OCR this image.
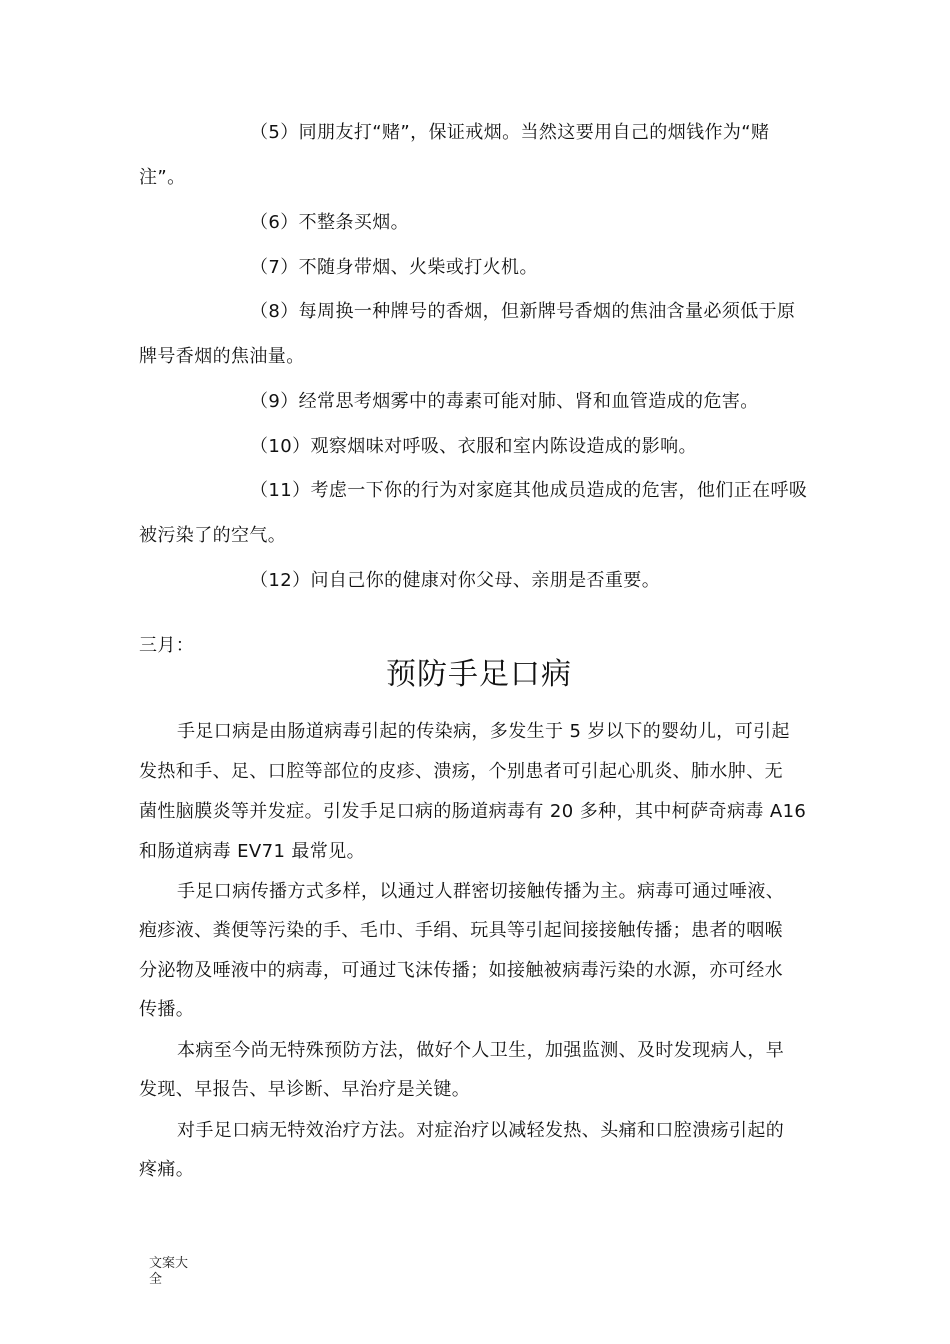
（5）同朋友打“赌”，保证戒烟。当然这要用自己的烟钱作为“赌
注”。
（6）不整条买烟。
（7）不随身带烟、火柴或打火机。
（8）每周换一种牌号的香烟，但新牌号香烟的焦油含量必须低于原
牌号香烟的焦油量。
（9）经常思考烟雾中的毒素可能对肺、肾和血管造成的危害。
（10）观察烟味对呼吸、衣服和室内陈设造成的影响。
（11）考虑一下你的行为对家庭其他成员造成的危害，他们正在呼吸
被污染了的空气。
（12）问自己你的健康对你父母、亲朋是否重要。
三月：
预防手足口病
手足口病是由肠道病毒引起的传染病，多发生于 5 岁以下的婴幼儿，可引起
发热和手、足、口腔等部位的皮疹、溃疡，个别患者可引起心肌炎、肺水肿、无
菌性脑膜炎等并发症。引发手足口病的肠道病毒有 20 多种，其中柯萨奇病毒 A16
和肠道病毒 EV71 最常见。
手足口病传播方式多样，以通过人群密切接触传播为主。病毒可通过唾液、
疱疹液、粪便等污染的手、毛巾、手绢、玩具等引起间接接触传播；患者的咽喉
分泌物及唾液中的病毒，可通过飞沫传播；如接触被病毒污染的水源，亦可经水
传播。
本病至今尚无特殊预防方法，做好个人卫生，加强监测、及时发现病人，早
发现、早报告、早诊断、早治疗是关键。
对手足口病无特效治疗方法。对症治疗以减轻发热、头痛和口腔溃疡引起的
疼痛。
文案大全
